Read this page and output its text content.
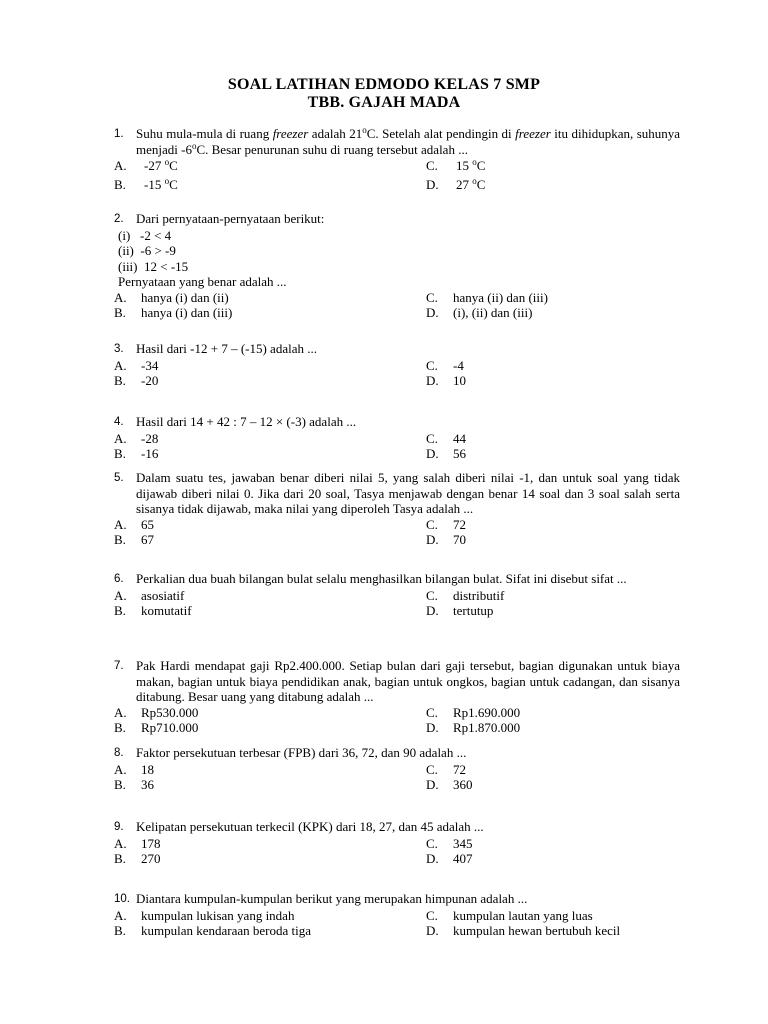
SOAL LATIHAN EDMODO KELAS 7 SMP
TBB. GAJAH MADA
1. Suhu mula-mula di ruang freezer adalah 21$^o$C. Setelah alat pendingin di freezer itu dihidupkan, suhunya menjadi -6$^o$C. Besar penurunan suhu di ruang tersebut adalah ...
A.	-27 $^o$C	C.	15 $^o$C
B.	-15 $^o$C	D.	27 $^o$C
2. Dari pernyataan-pernyataan berikut:
(i)   -2 < 4
(ii)  -6 > -9
(iii)  12 < -15
Pernyataan yang benar adalah ...
A.	hanya (i) dan (ii)	C.	hanya (ii) dan (iii)
B.	hanya (i) dan (iii)	D.	(i), (ii) dan (iii)
3. Hasil dari -12 + 7 – (-15) adalah ...
A.	-34	C.	-4
B.	-20	D.	10
4. Hasil dari 14 + 42 : 7 – 12 × (-3) adalah ...
A.	-28	C.	44
B.	-16	D.	56
5. Dalam suatu tes, jawaban benar diberi nilai 5, yang salah diberi nilai -1, dan untuk soal yang tidak dijawab diberi nilai 0. Jika dari 20 soal, Tasya menjawab dengan benar 14 soal dan 3 soal salah serta sisanya tidak dijawab, maka nilai yang diperoleh Tasya adalah ...
A.	65	C.	72
B.	67	D.	70
6. Perkalian dua buah bilangan bulat selalu menghasilkan bilangan bulat. Sifat ini disebut sifat ...
A.	asosiatif	C.	distributif
B.	komutatif	D.	tertutup
7. Pak Hardi mendapat gaji Rp2.400.000. Setiap bulan dari gaji tersebut, bagian digunakan untuk biaya makan, bagian untuk biaya pendidikan anak, bagian untuk ongkos, bagian untuk cadangan, dan sisanya ditabung. Besar uang yang ditabung adalah ...
A.	Rp530.000	C.	Rp1.690.000
B.	Rp710.000	D.	Rp1.870.000
8. Faktor persekutuan terbesar (FPB) dari 36, 72, dan 90 adalah ...
A.	18	C.	72
B.	36	D.	360
9. Kelipatan persekutuan terkecil (KPK) dari 18, 27, dan 45 adalah ...
A.	178	C.	345
B.	270	D.	407
10. Diantara kumpulan-kumpulan berikut yang merupakan himpunan adalah ...
A.	kumpulan lukisan yang indah	C.	kumpulan lautan yang luas
B.	kumpulan kendaraan beroda tiga	D.	kumpulan hewan bertubuh kecil
